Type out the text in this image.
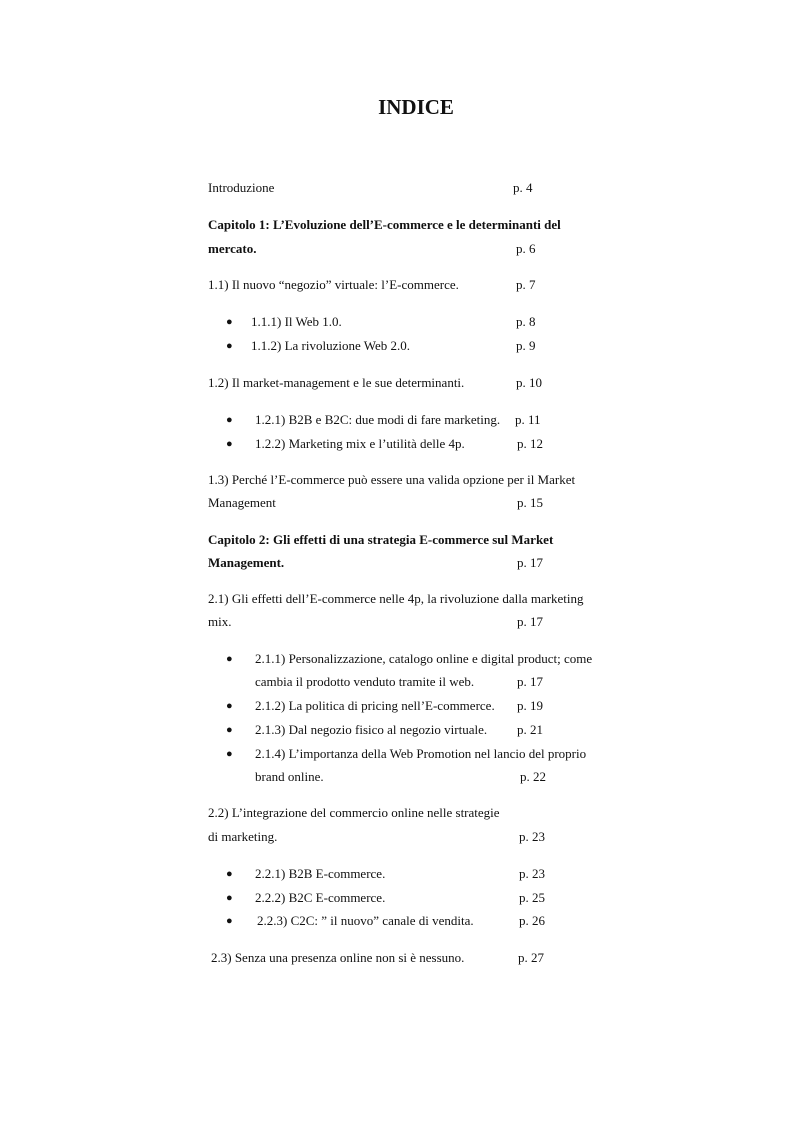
INDICE
Introduzione	p. 4
Capitolo 1: L’Evoluzione dell’E-commerce e le determinanti del
mercato.	p. 6
1.1) Il nuovo “negozio” virtuale: l’E-commerce.	p. 7
● 1.1.1) Il Web 1.0.	p. 8
● 1.1.2) La rivoluzione Web 2.0.	p. 9
1.2) Il market-management e le sue determinanti.	p. 10
● 1.2.1) B2B e B2C: due modi di fare marketing. p. 11
● 1.2.2) Marketing mix e l’utilità delle 4p.	p. 12
1.3) Perché l’E-commerce può essere una valida opzione per il Market
Management	p. 15
Capitolo 2: Gli effetti di una strategia E-commerce sul Market
Management.	p. 17
2.1) Gli effetti dell’E-commerce nelle 4p, la rivoluzione dalla marketing
mix.	p. 17
● 2.1.1) Personalizzazione, catalogo online e digital product; come
cambia il prodotto venduto tramite il web.	p. 17
● 2.1.2) La politica di pricing nell’E-commerce. p. 19
● 2.1.3) Dal negozio fisico al negozio virtuale. p. 21
● 2.1.4) L’importanza della Web Promotion nel lancio del proprio
brand online.	p. 22
2.2) L’integrazione del commercio online nelle strategie
di marketing.	p. 23
● 2.2.1) B2B E-commerce.	p. 23
● 2.2.2) B2C E-commerce.	p. 25
● 2.2.3) C2C: ” il nuovo” canale di vendita.	p. 26
2.3) Senza una presenza online non si è nessuno.	p. 27
